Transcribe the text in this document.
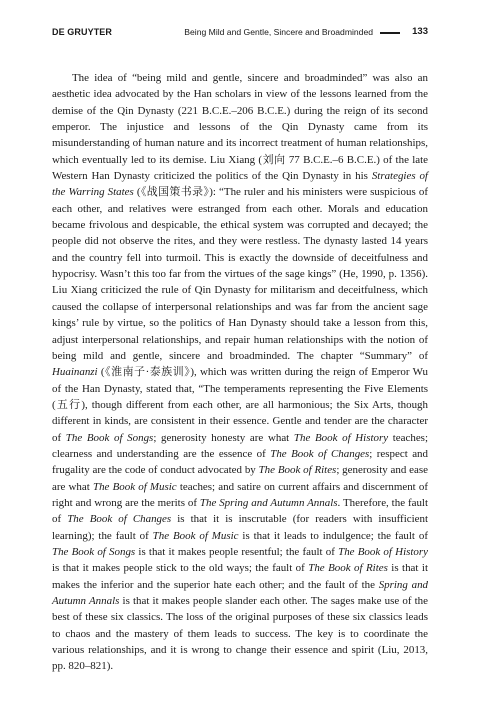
DE GRUYTER	Being Mild and Gentle, Sincere and Broadminded	133

The idea of “being mild and gentle, sincere and broadminded” was also an aesthetic idea advocated by the Han scholars in view of the lessons learned from the demise of the Qin Dynasty (221 B.C.E.–206 B.C.E.) during the reign of its second emperor. The injustice and lessons of the Qin Dynasty came from its misunderstanding of human nature and its incorrect treatment of human relationships, which eventually led to its demise. Liu Xiang (刘向 77 B.C.E.–6 B.C.E.) of the late Western Han Dynasty criticized the politics of the Qin Dynasty in his Strategies of the Warring States (《战国策书录》): “The ruler and his ministers were suspicious of each other, and relatives were estranged from each other. Morals and education became frivolous and despicable, the ethical system was corrupted and decayed; the people did not observe the rites, and they were restless. The dynasty lasted 14 years and the country fell into turmoil. This is exactly the downside of deceitfulness and hypocrisy. Wasn’t this too far from the virtues of the sage kings” (He, 1990, p. 1356). Liu Xiang criticized the rule of Qin Dynasty for militarism and deceitfulness, which caused the collapse of interpersonal relationships and was far from the ancient sage kings’ rule by virtue, so the politics of Han Dynasty should take a lesson from this, adjust interpersonal relationships, and repair human relationships with the notion of being mild and gentle, sincere and broadminded. The chapter “Summary” of Huainanzi (《淮南子·泰族训》), which was written during the reign of Emperor Wu of the Han Dynasty, stated that, “The temperaments representing the Five Elements (五行), though different from each other, are all harmonious; the Six Arts, though different in kinds, are consistent in their essence. Gentle and tender are the character of The Book of Songs; generosity honesty are what The Book of History teaches; clearness and understanding are the essence of The Book of Changes; respect and frugality are the code of conduct advocated by The Book of Rites; generosity and ease are what The Book of Music teaches; and satire on current affairs and discernment of right and wrong are the merits of The Spring and Autumn Annals. Therefore, the fault of The Book of Changes is that it is inscrutable (for readers with insufficient learning); the fault of The Book of Music is that it leads to indulgence; the fault of The Book of Songs is that it makes people resentful; the fault of The Book of History is that it makes people stick to the old ways; the fault of The Book of Rites is that it makes the inferior and the superior hate each other; and the fault of the Spring and Autumn Annals is that it makes people slander each other. The sages make use of the best of these six classics. The loss of the original purposes of these six classics leads to chaos and the mastery of them leads to success. The key is to coordinate the various relationships, and it is wrong to change their essence and spirit (Liu, 2013, pp. 820–821).
